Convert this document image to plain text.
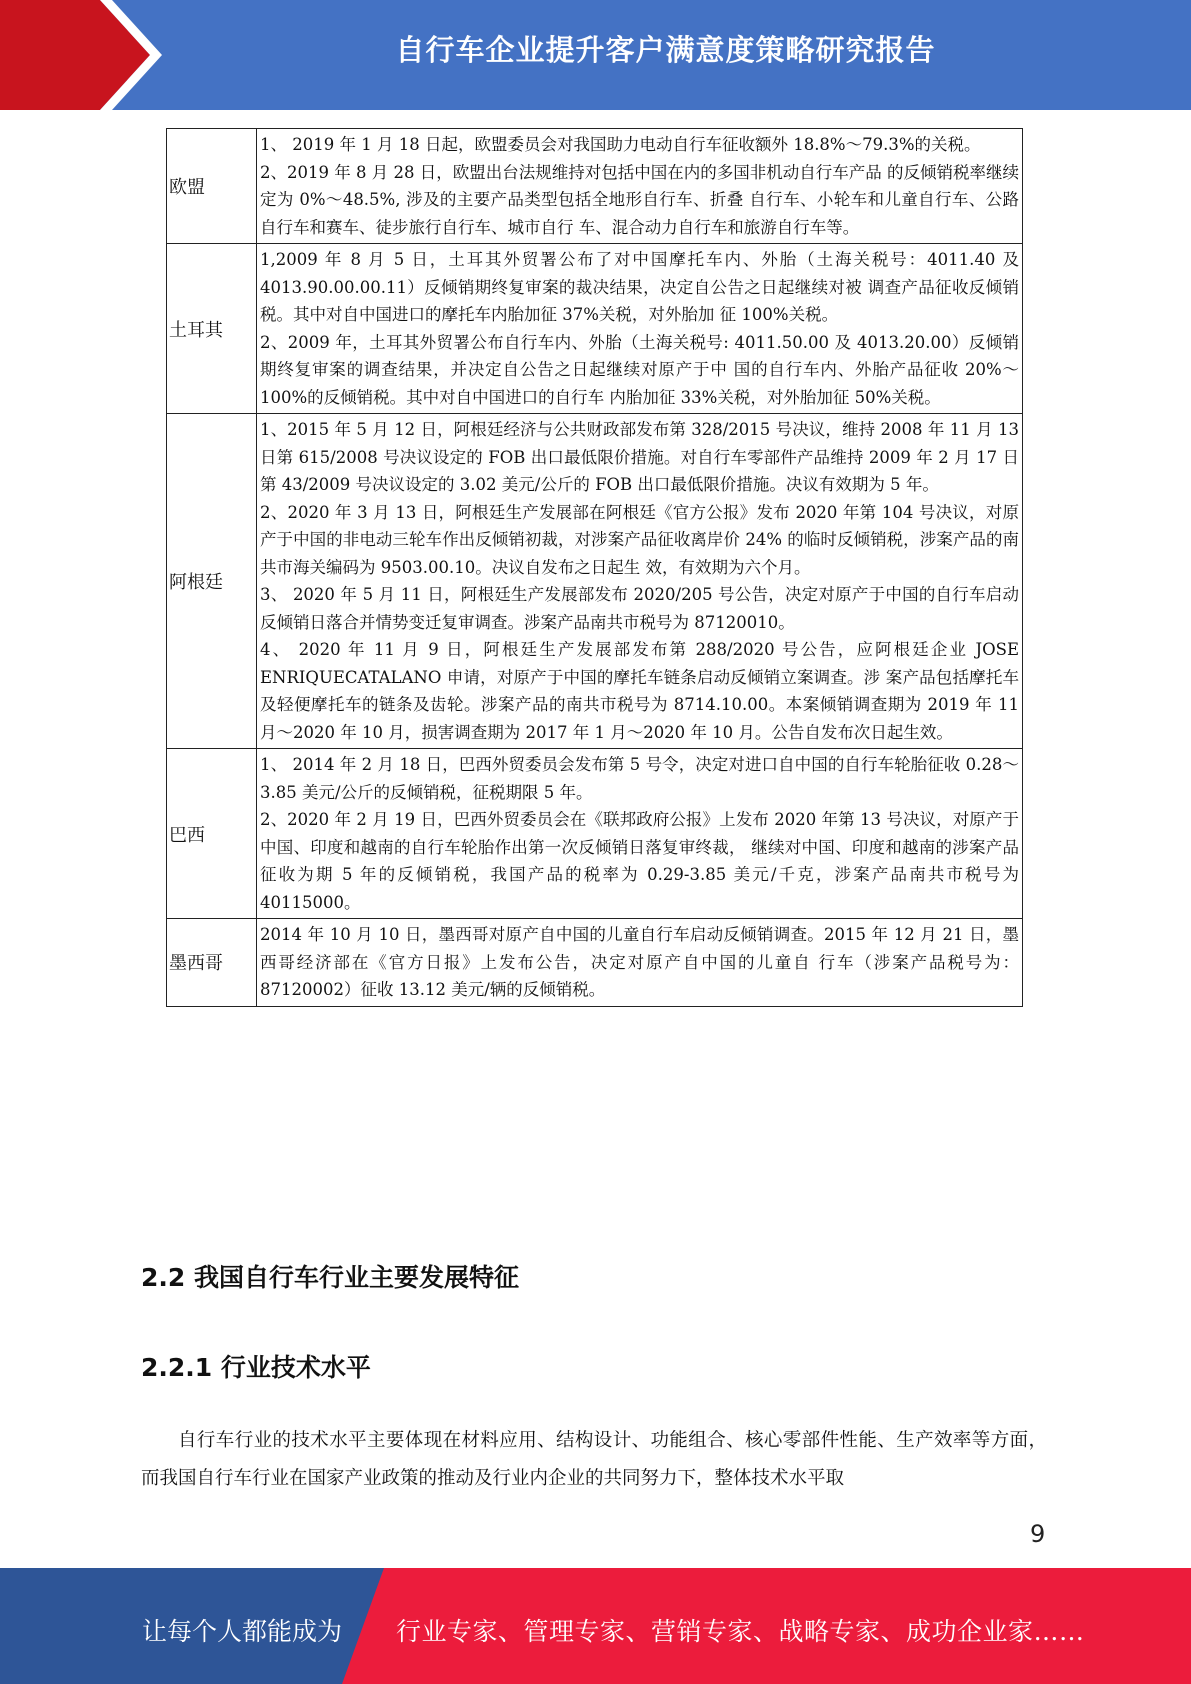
自行车企业提升客户满意度策略研究报告
欧盟	1、 2019 年 1 月 18 日起，欧盟委员会对我国助力电动自行车征收额外 18.8%～79.3%的关税。

2、2019 年 8 月 28 日，欧盟出台法规维持对包括中国在内的多国非机动自行车产品 的反倾销税率继续定为 0%～48.5%, 涉及的主要产品类型包括全地形自行车、折叠 自行车、小轮车和儿童自行车、公路自行车和赛车、徒步旅行自行车、城市自行 车、混合动力自行车和旅游自行车等。

土耳其	1,2009 年 8 月 5 日，土耳其外贸署公布了对中国摩托车内、外胎（土海关税号：4011.40 及 4013.90.00.00.11）反倾销期终复审案的裁决结果，决定自公告之日起继续对被 调查产品征收反倾销税。其中对自中国进口的摩托车内胎加征 37%关税，对外胎加 征 100%关税。

2、2009 年，土耳其外贸署公布自行车内、外胎（土海关税号: 4011.50.00 及 4013.20.00）反倾销期终复审案的调查结果，并决定自公告之日起继续对原产于中 国的自行车内、外胎产品征收 20%～100%的反倾销税。其中对自中国进口的自行车 内胎加征 33%关税，对外胎加征 50%关税。

阿根廷	1、2015 年 5 月 12 日，阿根廷经济与公共财政部发布第 328/2015 号决议，维持 2008 年 11 月 13 日第 615/2008 号决议设定的 FOB 出口最低限价措施。对自行车零部件产品维持 2009 年 2 月 17 日第 43/2009 号决议设定的 3.02 美元/公斤的 FOB 出口最低限价措施。决议有效期为 5 年。

2、2020 年 3 月 13 日，阿根廷生产发展部在阿根廷《官方公报》发布 2020 年第 104 号决议，对原产于中国的非电动三轮车作出反倾销初裁，对涉案产品征收离岸价 24% 的临时反倾销税，涉案产品的南共市海关编码为 9503.00.10。决议自发布之日起生 效，有效期为六个月。

3、 2020 年 5 月 11 日，阿根廷生产发展部发布 2020/205 号公告，决定对原产于中国的自行车启动反倾销日落合并情势变迁复审调查。涉案产品南共市税号为 87120010。

4、 2020 年 11 月 9 日，阿根廷生产发展部发布第 288/2020 号公告，应阿根廷企业 JOSE ENRIQUECATALANO 申请，对原产于中国的摩托车链条启动反倾销立案调查。涉 案产品包括摩托车及轻便摩托车的链条及齿轮。涉案产品的南共市税号为 8714.10.00。本案倾销调查期为 2019 年 11 月～2020 年 10 月，损害调查期为 2017 年 1 月～2020 年 10 月。公告自发布次日起生效。

巴西	1、 2014 年 2 月 18 日，巴西外贸委员会发布第 5 号令，决定对进口自中国的自行车轮胎征收 0.28～3.85 美元/公斤的反倾销税，征税期限 5 年。

2、2020 年 2 月 19 日，巴西外贸委员会在《联邦政府公报》上发布 2020 年第 13 号决议，对原产于中国、印度和越南的自行车轮胎作出第一次反倾销日落复审终裁， 继续对中国、印度和越南的涉案产品征收为期 5 年的反倾销税，我国产品的税率为 0.29-3.85 美元/千克，涉案产品南共市税号为 40115000。

墨西哥	2014 年 10 月 10 日，墨西哥对原产自中国的儿童自行车启动反倾销调查。2015 年 12 月 21 日，墨西哥经济部在《官方日报》上发布公告，决定对原产自中国的儿童自 行车（涉案产品税号为：87120002）征收 13.12 美元/辆的反倾销税。

2.2 我国自行车行业主要发展特征
2.2.1 行业技术水平

自行车行业的技术水平主要体现在材料应用、结构设计、功能组合、核心零部件性能、生产效率等方面，而我国自行车行业在国家产业政策的推动及行业内企业的共同努力下，整体技术水平取

9
让每个人都能成为 行业专家、管理专家、营销专家、战略专家、成功企业家……
